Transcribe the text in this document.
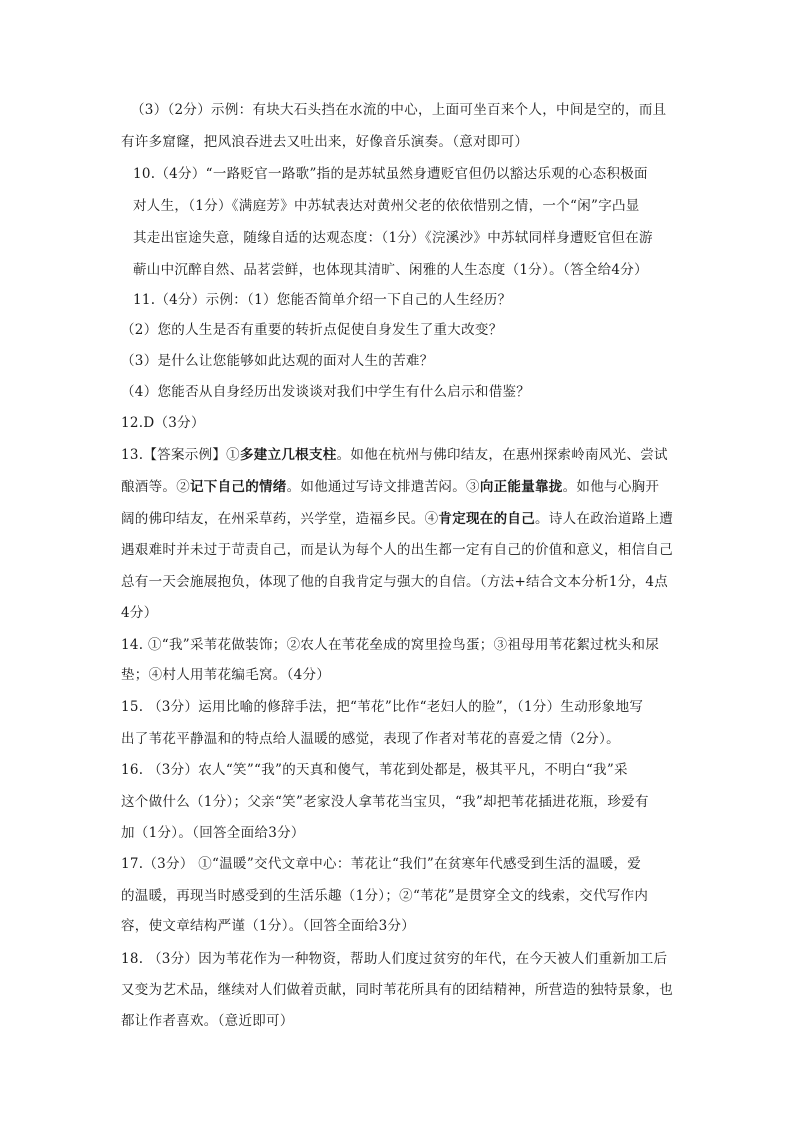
（3）（2分）示例：有块大石头挡在水流的中心，上面可坐百来个人，中间是空的，而且
有许多窟窿，把风浪吞进去又吐出来，好像音乐演奏。（意对即可）
10.（4分）“一路贬官一路歌”指的是苏轼虽然身遭贬官但仍以豁达乐观的心态积极面
对人生，（1分）《满庭芳》中苏轼表达对黄州父老的依依惜别之情，一个“闲”字凸显
其走出宦途失意，随缘自适的达观态度：（1分）《浣溪沙》中苏轼同样身遭贬官但在游
蕲山中沉醉自然、品茗尝鲜，也体现其清旷、闲雅的人生态度（1分）。（答全给4分）
11.（4分）示例：（1）您能否简单介绍一下自己的人生经历？
（2）您的人生是否有重要的转折点促使自身发生了重大改变？
（3）是什么让您能够如此达观的面对人生的苦难？
（4）您能否从自身经历出发谈谈对我们中学生有什么启示和借鉴？
12.D（3分）
13.【答案示例】①多建立几根支柱。如他在杭州与佛印结友，在惠州探索岭南风光、尝试
酿酒等。②记下自己的情绪。如他通过写诗文排遣苦闷。③向正能量靠拢。如他与心胸开
阔的佛印结友，在州采草药，兴学堂，造福乡民。④肯定现在的自己。诗人在政治道路上遭
遇艰难时并未过于苛责自己，而是认为每个人的出生都一定有自己的价值和意义，相信自己
总有一天会施展抱负，体现了他的自我肯定与强大的自信。（方法+结合文本分析1分，4点
4分）
14. ①“我”采苇花做装饰；②农人在苇花垒成的窝里捡鸟蛋；③祖母用苇花絮过枕头和尿
垫；④村人用苇花编毛窝。（4分）
15. （3分）运用比喻的修辞手法，把“苇花”比作“老妇人的脸”，（1分）生动形象地写
出了苇花平静温和的特点给人温暖的感觉，表现了作者对苇花的喜爱之情（2分）。
16. （3分）农人“笑”“我”的天真和傻气，苇花到处都是，极其平凡，不明白“我”采
这个做什么（1分）；父亲“笑”老家没人拿苇花当宝贝，“我”却把苇花插进花瓶，珍爱有
加（1分）。（回答全面给3分）
17.（3分） ①“温暖”交代文章中心：苇花让“我们”在贫寒年代感受到生活的温暖，爱
的温暖，再现当时感受到的生活乐趣（1分）；②“苇花”是贯穿全文的线索，交代写作内
容，使文章结构严谨（1分）。（回答全面给3分）
18. （3分）因为苇花作为一种物资，帮助人们度过贫穷的年代，在今天被人们重新加工后
又变为艺术品，继续对人们做着贡献，同时苇花所具有的团结精神，所营造的独特景象，也
都让作者喜欢。（意近即可）
